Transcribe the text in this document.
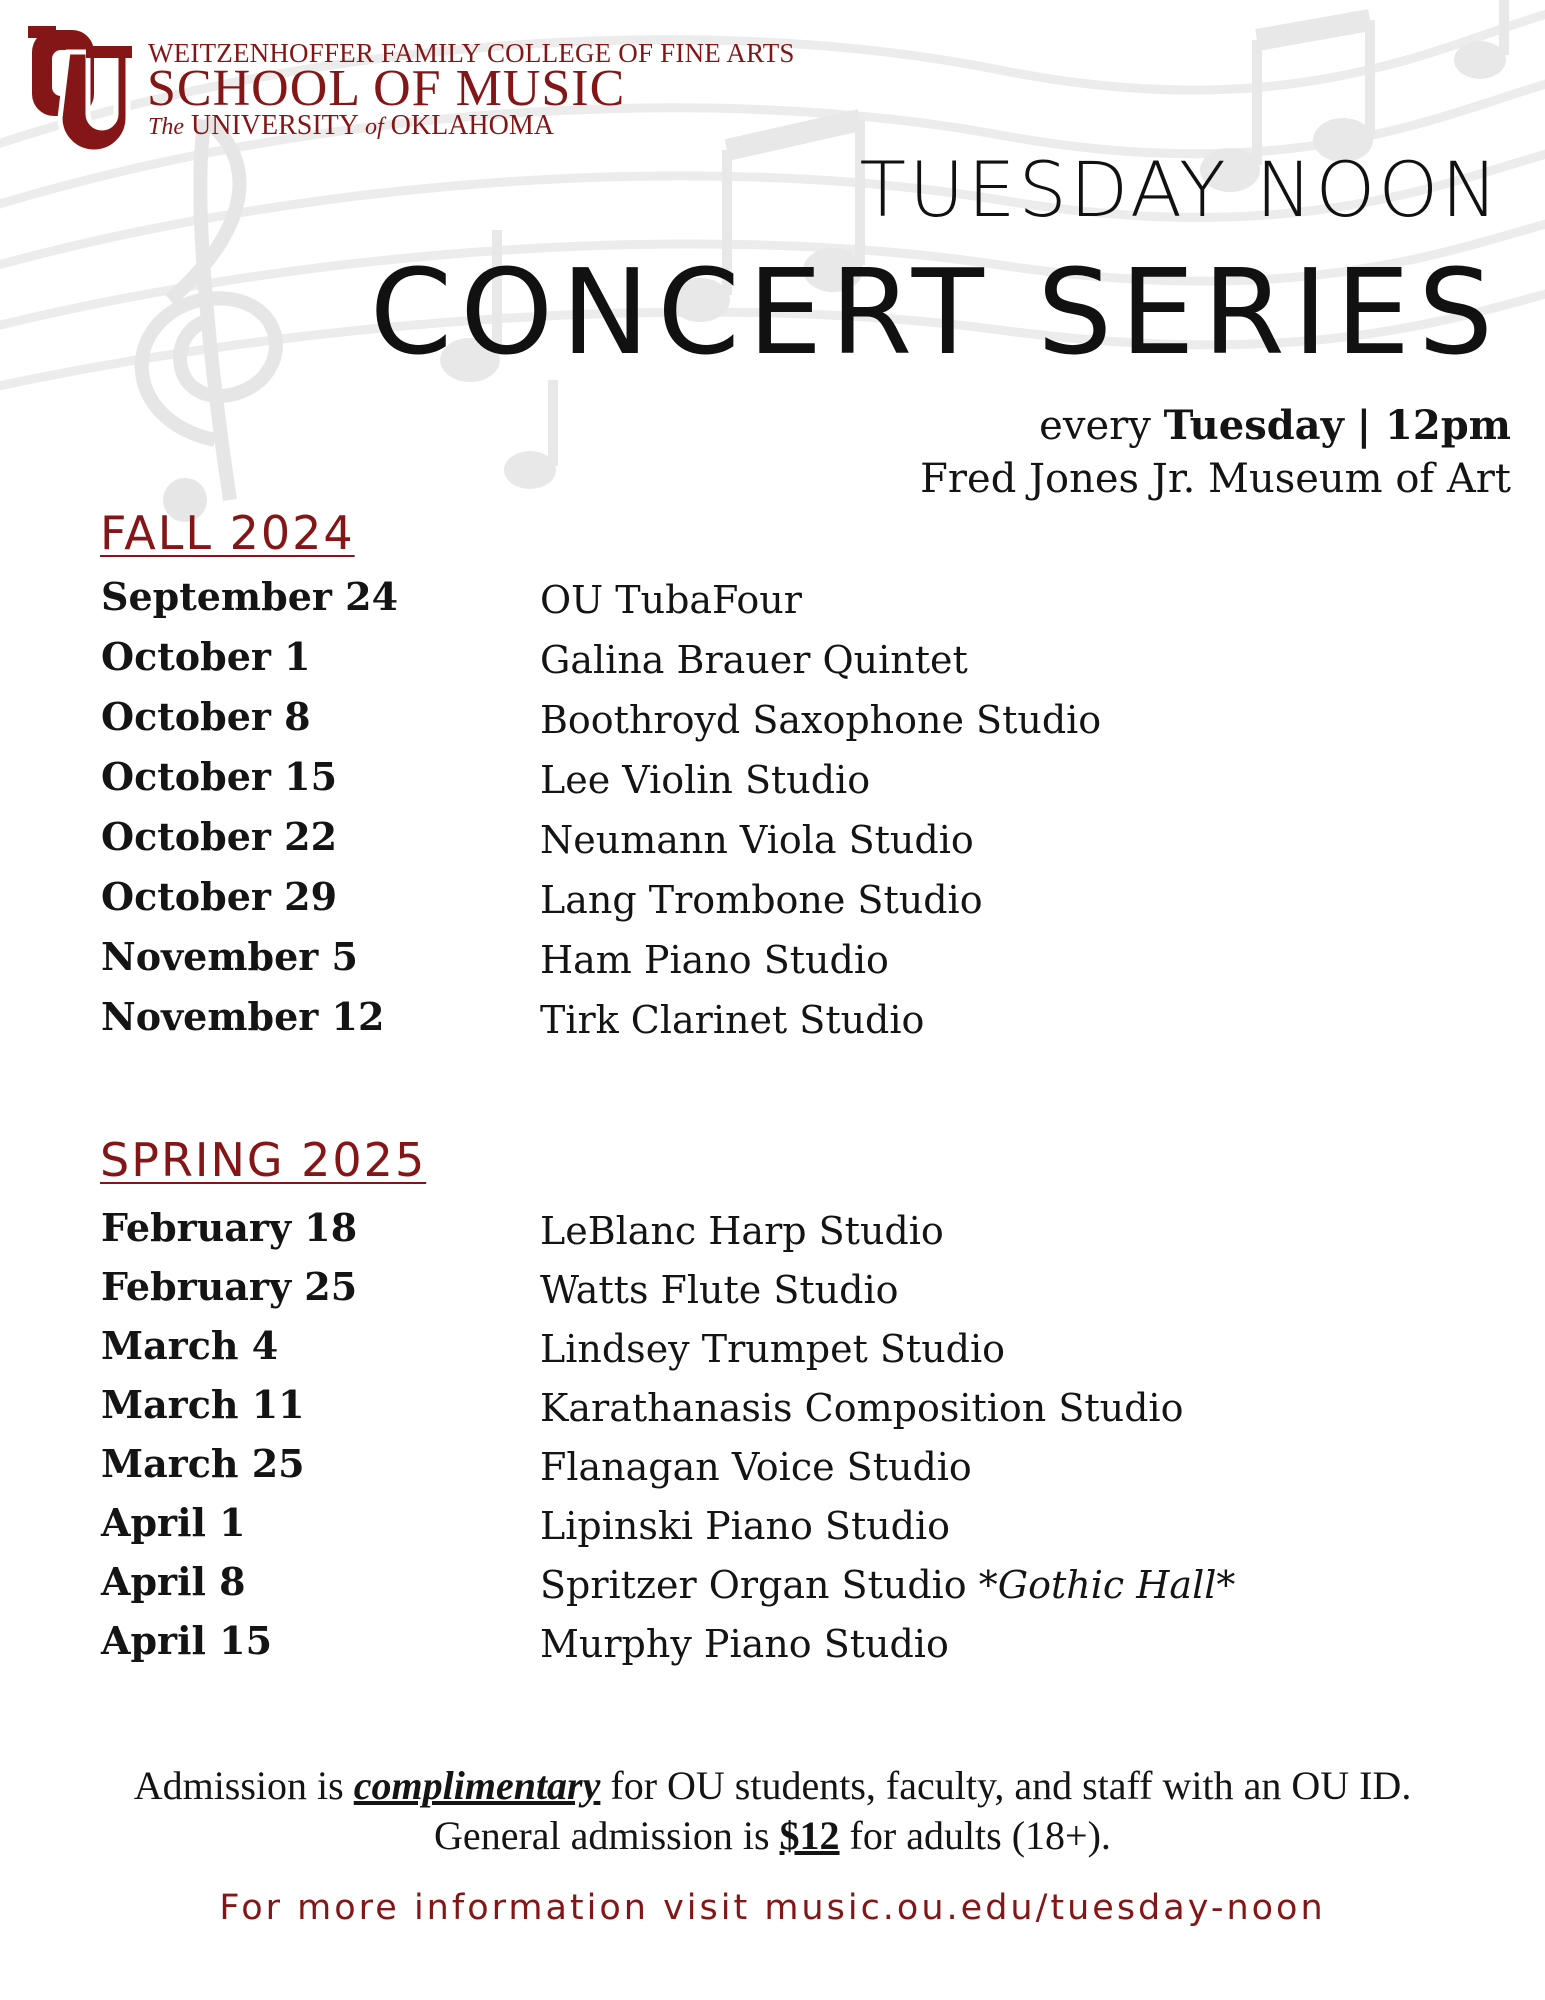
WEITZENHOFFER FAMILY COLLEGE OF FINE ARTS
SCHOOL OF MUSIC
The UNIVERSITY of OKLAHOMA
TUESDAY NOON
CONCERT SERIES
every Tuesday | 12pm
Fred Jones Jr. Museum of Art
FALL 2024
September 24	OU TubaFour
October 1	Galina Brauer Quintet
October 8	Boothroyd Saxophone Studio
October 15	Lee Violin Studio
October 22	Neumann Viola Studio
October 29	Lang Trombone Studio
November 5	Ham Piano Studio
November 12	Tirk Clarinet Studio
SPRING 2025
February 18	LeBlanc Harp Studio
February 25	Watts Flute Studio
March 4	Lindsey Trumpet Studio
March 11	Karathanasis Composition Studio
March 25	Flanagan Voice Studio
April 1	Lipinski Piano Studio
April 8	Spritzer Organ Studio *Gothic Hall*
April 15	Murphy Piano Studio
Admission is complimentary for OU students, faculty, and staff with an OU ID.
General admission is $12 for adults (18+).
For more information visit music.ou.edu/tuesday-noon
